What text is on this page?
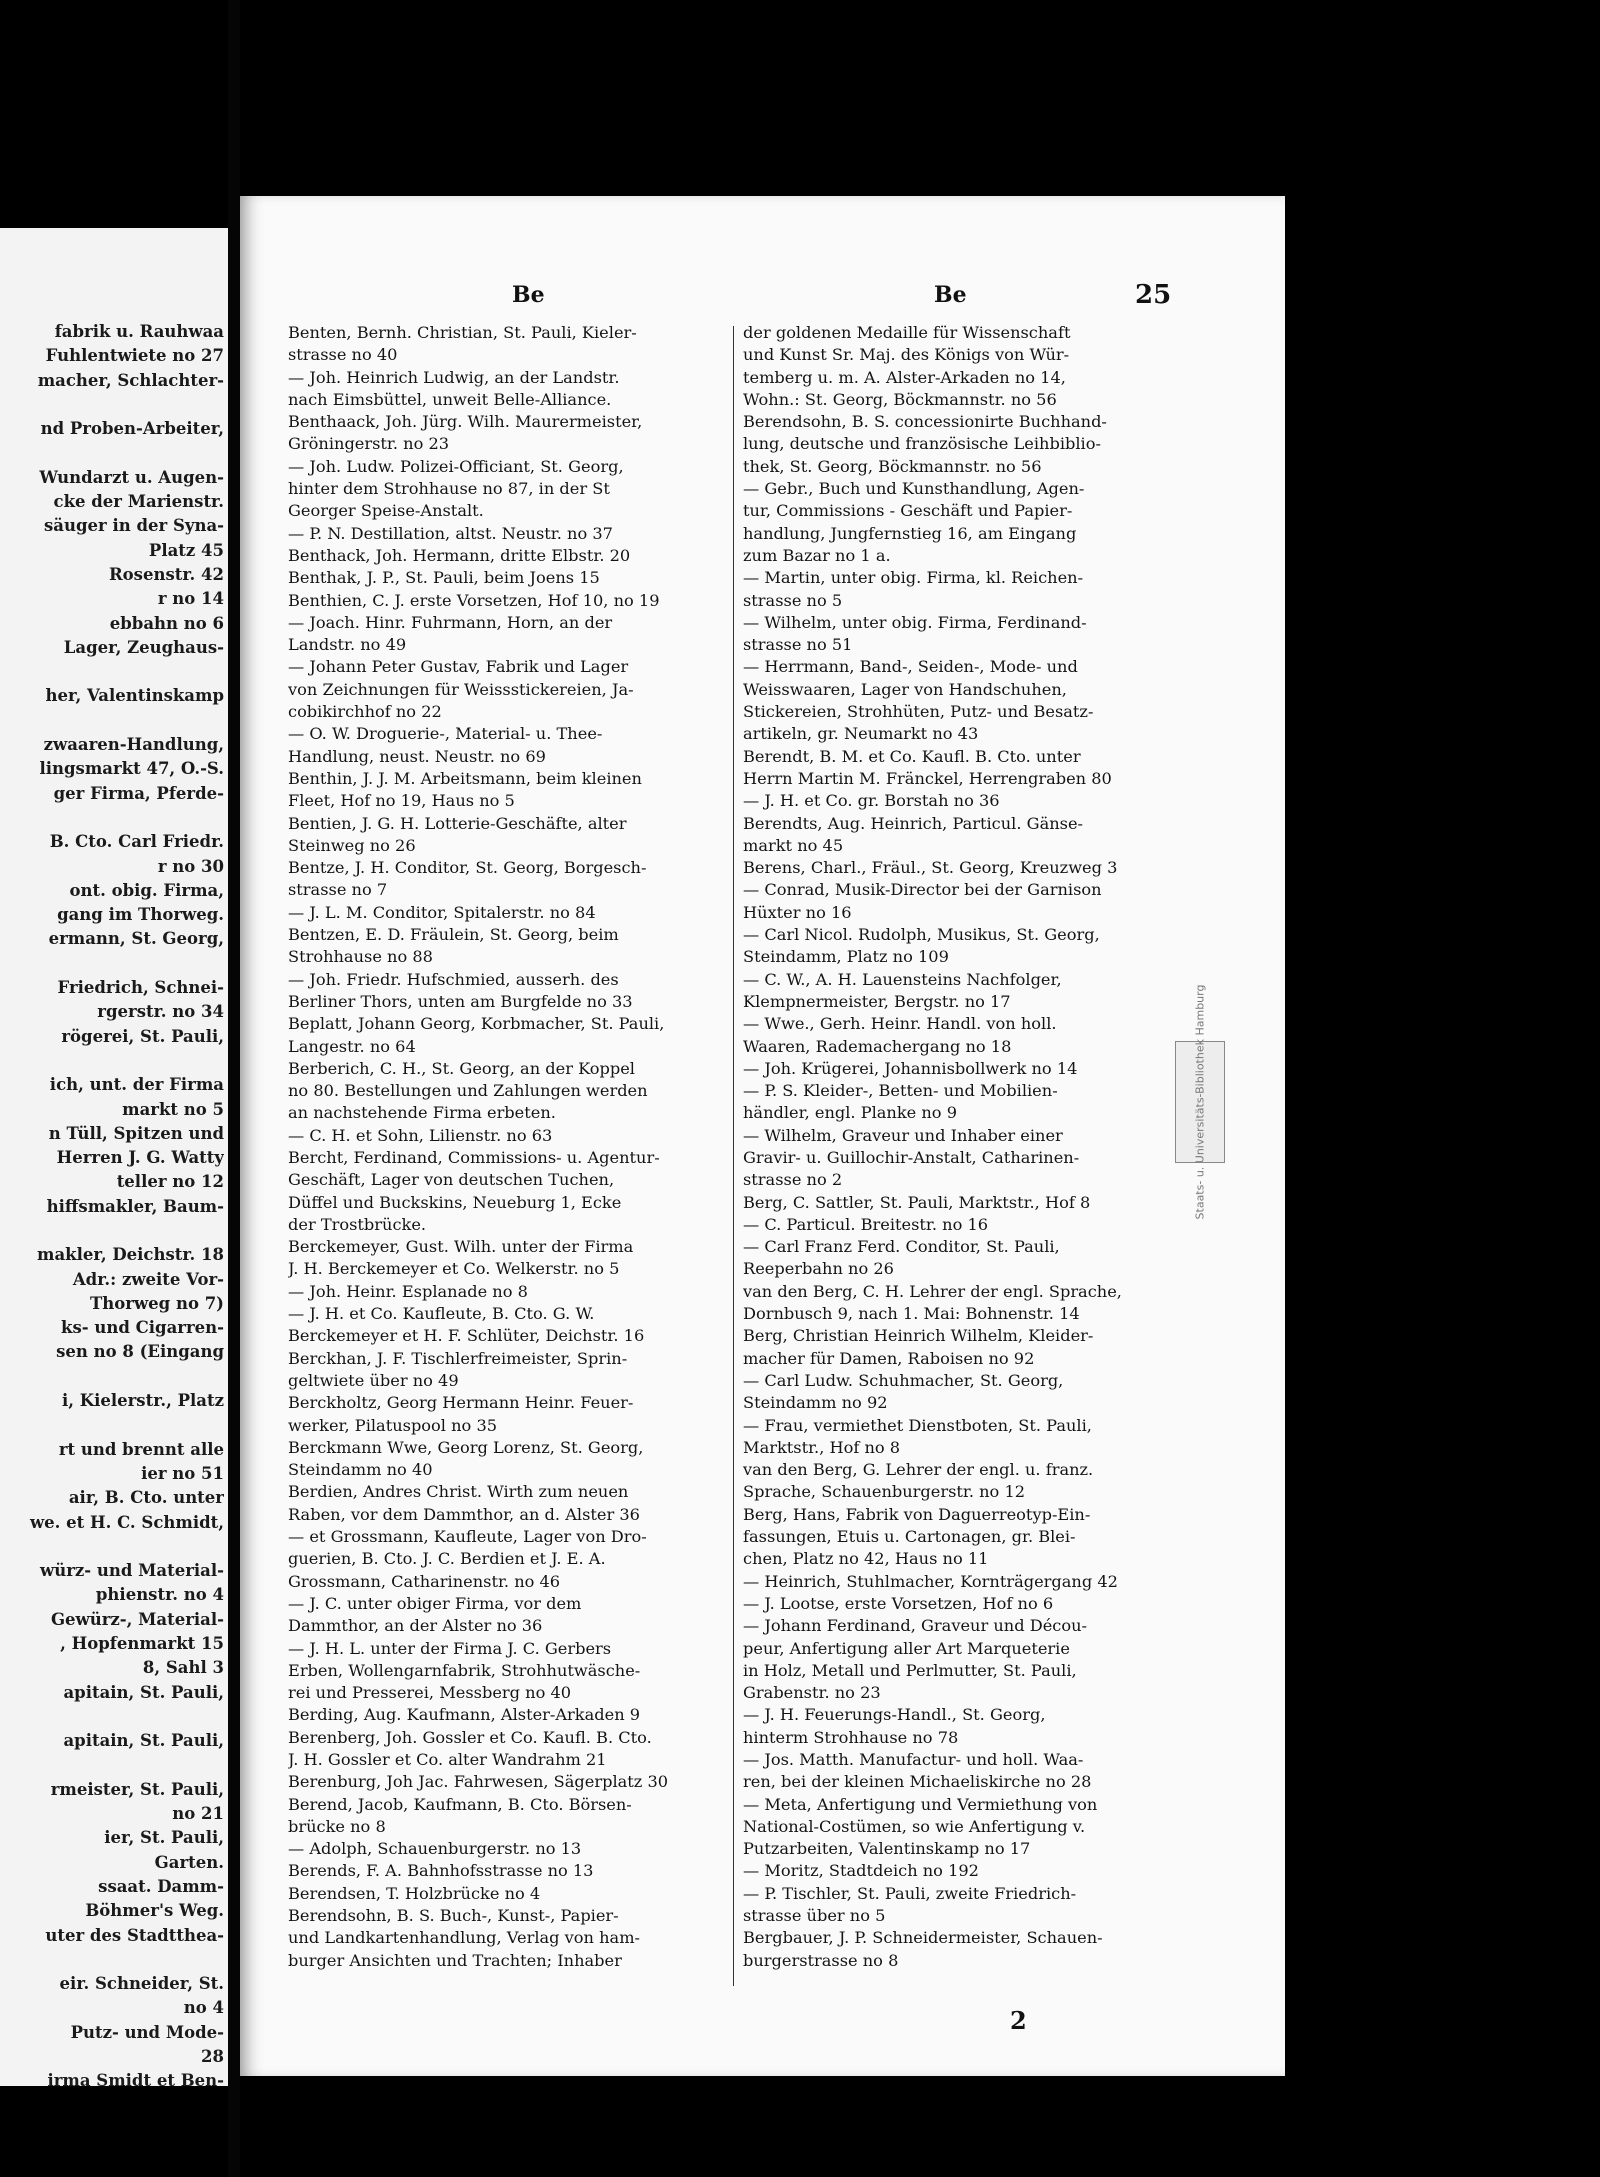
fabrik u. Rauhwaa
Fuhlentwiete no 27
macher, Schlachter-
nd Proben-Arbeiter,
Wundarzt u. Augen-
cke der Marienstr.
säuger in der Syna-
Platz 45
Rosenstr. 42
r no 14
ebbahn no 6
Lager, Zeughaus-
her, Valentinskamp
zwaaren-Handlung,
lingsmarkt 47, O.-S.
ger Firma, Pferde-
B. Cto. Carl Friedr.
r no 30
ont. obig. Firma,
gang im Thorweg.
ermann, St. Georg,
Friedrich, Schnei-
rgerstr. no 34
rögerei, St. Pauli,
ich, unt. der Firma
markt no 5
n Tüll, Spitzen und
Herren J. G. Watty
teller no 12
hiffsmakler, Baum-
makler, Deichstr. 18
Adr.: zweite Vor-
Thorweg no 7)
ks- und Cigarren-
sen no 8 (Eingang
i, Kielerstr., Platz
rt und brennt alle
ier no 51
air, B. Cto. unter
we. et H. C. Schmidt,
würz- und Material-
phienstr. no 4
Gewürz-, Material-
, Hopfenmarkt 15
8, Sahl 3
apitain, St. Pauli,
apitain, St. Pauli,
rmeister, St. Pauli,
no 21
ier, St. Pauli,
Garten.
ssaat. Damm-
Böhmer's Weg.
uter des Stadttheа-
eir. Schneider, St.
no 4
Putz- und Mode-
28
irma Smidt et Ben-
Be	Be	25
Benten, Bernh. Christian, St. Pauli, Kieler-
strasse no 40
— Joh. Heinrich Ludwig, an der Landstr.
nach Eimsbüttel, unweit Belle-Alliance.
Benthaack, Joh. Jürg. Wilh. Maurermeister,
Gröningerstr. no 23
— Joh. Ludw. Polizei-Officiant, St. Georg,
hinter dem Strohhause no 87, in der St
Georger Speise-Anstalt.
— P. N. Destillation, altst. Neustr. no 37
Benthack, Joh. Hermann, dritte Elbstr. 20
Benthak, J. P., St. Pauli, beim Joens 15
Benthien, C. J. erste Vorsetzen, Hof 10, no 19
— Joach. Hinr. Fuhrmann, Horn, an der
Landstr. no 49
— Johann Peter Gustav, Fabrik und Lager
von Zeichnungen für Weissstickereien, Ja-
cobikirchhof no 22
— O. W. Droguerie-, Material- u. Thee-
Handlung, neust. Neustr. no 69
Benthin, J. J. M. Arbeitsmann, beim kleinen
Fleet, Hof no 19, Haus no 5
Bentien, J. G. H. Lotterie-Geschäfte, alter
Steinweg no 26
Bentze, J. H. Conditor, St. Georg, Borgesch-
strasse no 7
— J. L. M. Conditor, Spitalerstr. no 84
Bentzen, E. D. Fräulein, St. Georg, beim
Strohhause no 88
— Joh. Friedr. Hufschmied, ausserh. des
Berliner Thors, unten am Burgfelde no 33
Beplatt, Johann Georg, Korbmacher, St. Pauli,
Langestr. no 64
Berberich, C. H., St. Georg, an der Koppel
no 80. Bestellungen und Zahlungen werden
an nachstehende Firma erbeten.
— C. H. et Sohn, Lilienstr. no 63
Bercht, Ferdinand, Commissions- u. Agentur-
Geschäft, Lager von deutschen Tuchen,
Düffel und Buckskins, Neueburg 1, Ecke
der Trostbrücke.
Berckemeyer, Gust. Wilh. unter der Firma
J. H. Berckemeyer et Co. Welkerstr. no 5
— Joh. Heinr. Esplanade no 8
— J. H. et Co. Kaufleute, B. Cto. G. W.
Berckemeyer et H. F. Schlüter, Deichstr. 16
Berckhan, J. F. Tischlerfreimeister, Sprin-
geltwiete über no 49
Berckholtz, Georg Hermann Heinr. Feuer-
werker, Pilatuspool no 35
Berckmann Wwe, Georg Lorenz, St. Georg,
Steindamm no 40
Berdien, Andres Christ. Wirth zum neuen
Raben, vor dem Dammthor, an d. Alster 36
— et Grossmann, Kaufleute, Lager von Dro-
guerien, B. Cto. J. C. Berdien et J. E. A.
Grossmann, Catharinenstr. no 46
— J. C. unter obiger Firma, vor dem
Dammthor, an der Alster no 36
— J. H. L. unter der Firma J. C. Gerbers
Erben, Wollengarnfabrik, Strohhutwäsche-
rei und Presserei, Messberg no 40
Berding, Aug. Kaufmann, Alster-Arkaden 9
Berenberg, Joh. Gossler et Co. Kaufl. B. Cto.
J. H. Gossler et Co. alter Wandrahm 21
Berenburg, Joh Jac. Fahrwesen, Sägerplatz 30
Berend, Jacob, Kaufmann, B. Cto. Börsen-
brücke no 8
— Adolph, Schauenburgerstr. no 13
Berends, F. A. Bahnhofsstrasse no 13
Berendsen, T. Holzbrücke no 4
Berendsohn, B. S. Buch-, Kunst-, Papier-
und Landkartenhandlung, Verlag von ham-
burger Ansichten und Trachten; Inhaber
der goldenen Medaille für Wissenschaft
und Kunst Sr. Maj. des Königs von Wür-
temberg u. m. A. Alster-Arkaden no 14,
Wohn.: St. Georg, Böckmannstr. no 56
Berendsohn, B. S. concessionirte Buchhand-
lung, deutsche und französische Leihbiblio-
thek, St. Georg, Böckmannstr. no 56
— Gebr., Buch und Kunsthandlung, Agen-
tur, Commissions - Geschäft und Papier-
handlung, Jungfernstieg 16, am Eingang
zum Bazar no 1 a.
— Martin, unter obig. Firma, kl. Reichen-
strasse no 5
— Wilhelm, unter obig. Firma, Ferdinand-
strasse no 51
— Herrmann, Band-, Seiden-, Mode- und
Weisswaaren, Lager von Handschuhen,
Stickereien, Strohhüten, Putz- und Besatz-
artikeln, gr. Neumarkt no 43
Berendt, B. M. et Co. Kaufl. B. Cto. unter
Herrn Martin M. Fränckel, Herrengraben 80
— J. H. et Co. gr. Borstah no 36
Berendts, Aug. Heinrich, Particul. Gänse-
markt no 45
Berens, Charl., Fräul., St. Georg, Kreuzweg 3
— Conrad, Musik-Director bei der Garnison
Hüxter no 16
— Carl Nicol. Rudolph, Musikus, St. Georg,
Steindamm, Platz no 109
— C. W., A. H. Lauensteins Nachfolger,
Klempnermeister, Bergstr. no 17
— Wwe., Gerh. Heinr. Handl. von holl.
Waaren, Rademachergang no 18
— Joh. Krügerei, Johannisbollwerk no 14
— P. S. Kleider-, Betten- und Mobilien-
händler, engl. Planke no 9
— Wilhelm, Graveur und Inhaber einer
Gravir- u. Guillochir-Anstalt, Catharinen-
strasse no 2
Berg, C. Sattler, St. Pauli, Marktstr., Hof 8
— C. Particul. Breitestr. no 16
— Carl Franz Ferd. Conditor, St. Pauli,
Reeperbahn no 26
van den Berg, C. H. Lehrer der engl. Sprache,
Dornbusch 9, nach 1. Mai: Bohnenstr. 14
Berg, Christian Heinrich Wilhelm, Kleider-
macher für Damen, Raboisen no 92
— Carl Ludw. Schuhmacher, St. Georg,
Steindamm no 92
— Frau, vermiethet Dienstboten, St. Pauli,
Marktstr., Hof no 8
van den Berg, G. Lehrer der engl. u. franz.
Sprache, Schauenburgerstr. no 12
Berg, Hans, Fabrik von Daguerreotyp-Ein-
fassungen, Etuis u. Cartonagen, gr. Blei-
chen, Platz no 42, Haus no 11
— Heinrich, Stuhlmacher, Kornträgergang 42
— J. Lootse, erste Vorsetzen, Hof no 6
— Johann Ferdinand, Graveur und Décou-
peur, Anfertigung aller Art Marqueterie
in Holz, Metall und Perlmutter, St. Pauli,
Grabenstr. no 23
— J. H. Feuerungs-Handl., St. Georg,
hinterm Strohhause no 78
— Jos. Matth. Manufactur- und holl. Waa-
ren, bei der kleinen Michaeliskirche no 28
— Meta, Anfertigung und Vermiethung von
National-Costümen, so wie Anfertigung v.
Putzarbeiten, Valentinskamp no 17
— Moritz, Stadtdeich no 192
— P. Tischler, St. Pauli, zweite Friedrich-
strasse über no 5
Bergbauer, J. P. Schneidermeister, Schauen-
burgerstrasse no 8
Staats- u. Universitäts-Bibliothek Hamburg
2
